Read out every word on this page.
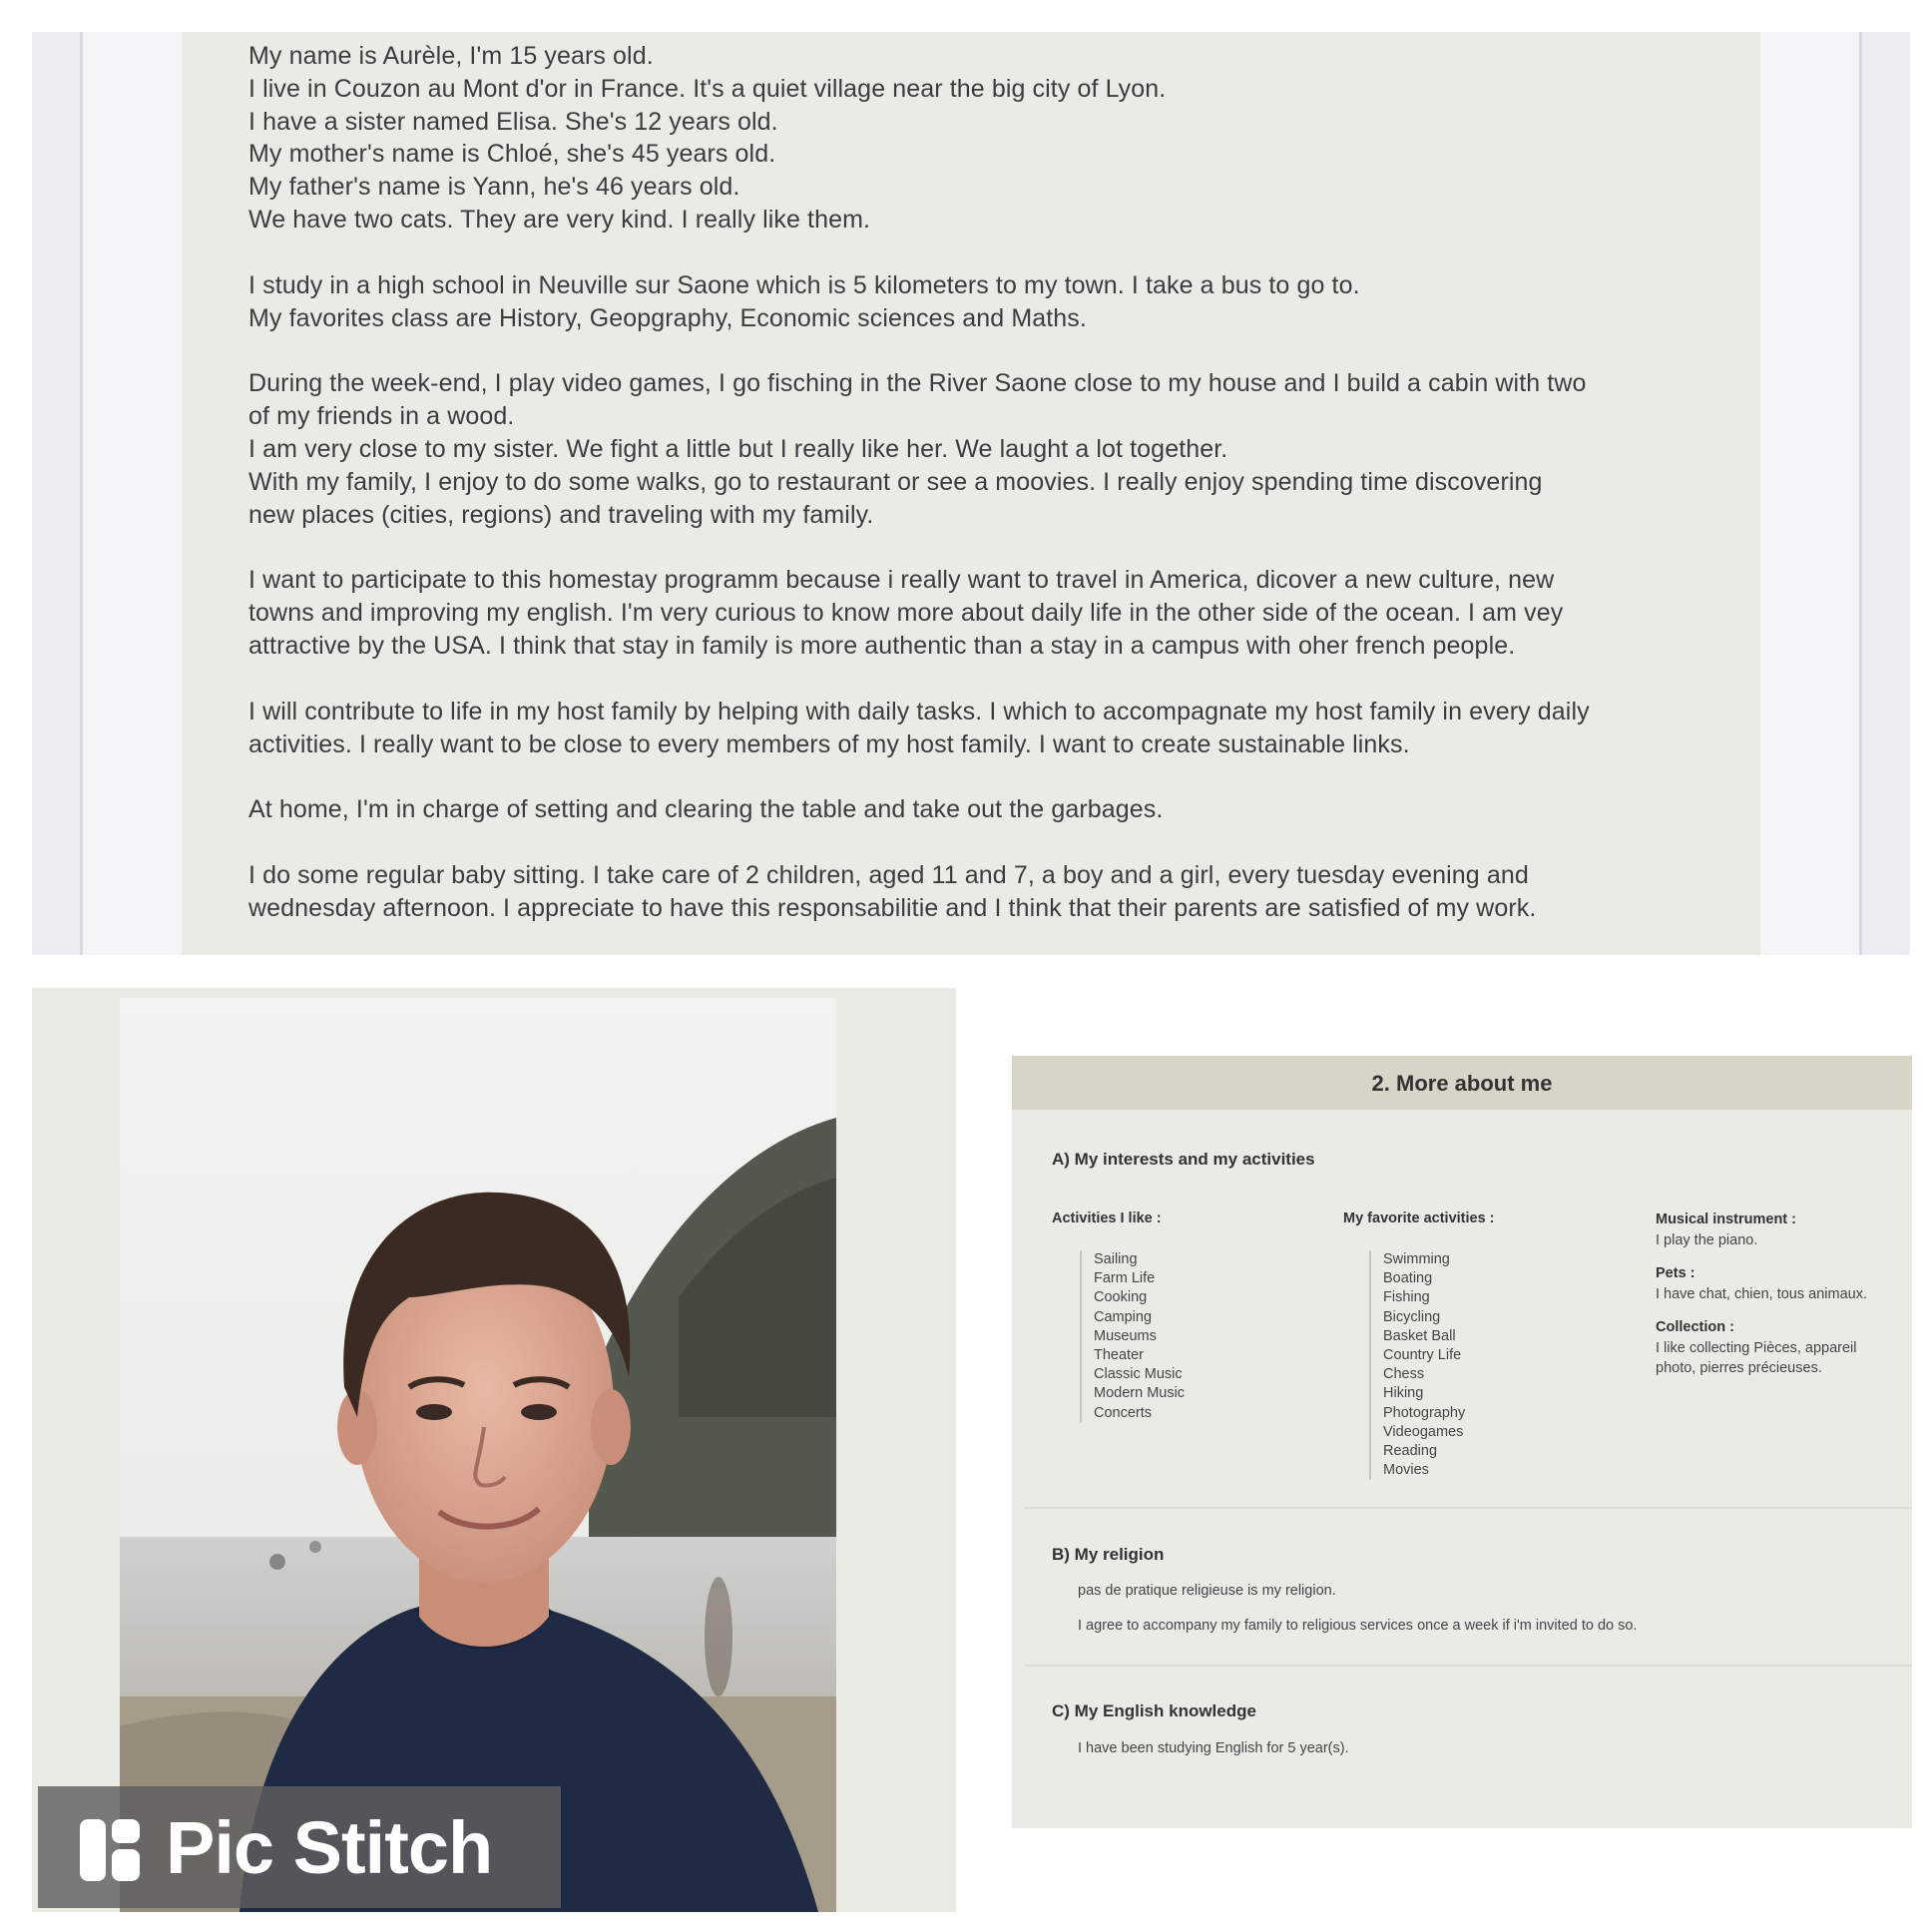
My name is Aurèle, I'm 15 years old.
I live in Couzon au Mont d'or in France. It's a quiet village near the big city of Lyon.
I have a sister named Elisa. She's 12 years old.
My mother's name is Chloé, she's 45 years old.
My father's name is Yann, he's 46 years old.
We have two cats. They are very kind. I really like them.

I study in a high school in Neuville sur Saone which is 5 kilometers to my town. I take a bus to go to.
My favorites class are History, Geopgraphy, Economic sciences and Maths.

During the week-end, I play video games, I go fisching in the River Saone close to my house and I build a cabin with two
of my friends in a wood.
I am very close to my sister. We fight a little but I really like her. We laught a lot together.
With my family, I enjoy to do some walks, go to restaurant or see a moovies. I really enjoy spending time discovering
new places (cities, regions) and traveling with my family.

I want to participate to this homestay programm because i really want to travel in America, dicover a new culture, new
towns and improving my english. I'm very curious to know more about daily life in the other side of the ocean. I am vey
attractive by the USA. I think that stay in family is more authentic than a stay in a campus with oher french people.

I will contribute to life in my host family by helping with daily tasks. I which to accompagnate my host family in every daily
activities. I really want to be close to every members of my host family. I want to create sustainable links.

At home, I'm in charge of setting and clearing the table and take out the garbages.

I do some regular baby sitting. I take care of 2 children, aged 11 and 7, a boy and a girl, every tuesday evening and
wednesday afternoon. I appreciate to have this responsabilitie and I think that their parents are satisfied of my work.

Pic Stitch
2. More about me
A) My interests and my activities
Activities I like :
Sailing
Farm Life
Cooking
Camping
Museums
Theater
Classic Music
Modern Music
Concerts
My favorite activities :
Swimming
Boating
Fishing
Bicycling
Basket Ball
Country Life
Chess
Hiking
Photography
Videogames
Reading
Movies
Musical instrument :
I play the piano.
Pets :
I have chat, chien, tous animaux.
Collection :
I like collecting Pièces, appareil photo, pierres précieuses.
B) My religion
pas de pratique religieuse is my religion.
I agree to accompany my family to religious services once a week if i'm invited to do so.
C) My English knowledge
I have been studying English for 5 year(s).
